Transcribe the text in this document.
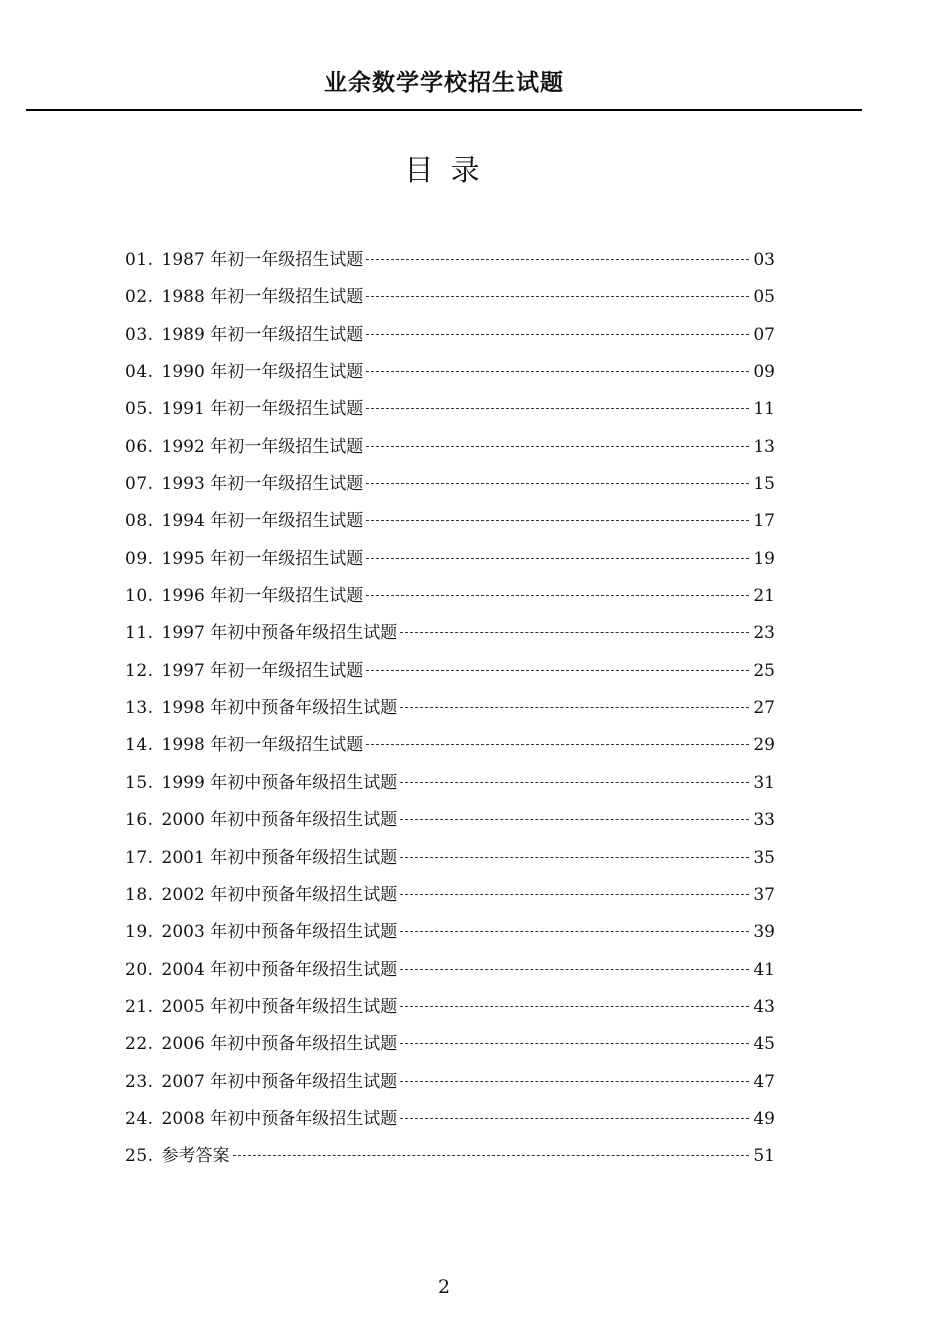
业余数学学校招生试题
目 录
01. 1987 年初一年级招生试题	03
02. 1988 年初一年级招生试题	05
03. 1989 年初一年级招生试题	07
04. 1990 年初一年级招生试题	09
05. 1991 年初一年级招生试题	11
06. 1992 年初一年级招生试题	13
07. 1993 年初一年级招生试题	15
08. 1994 年初一年级招生试题	17
09. 1995 年初一年级招生试题	19
10. 1996 年初一年级招生试题	21
11. 1997 年初中预备年级招生试题	23
12. 1997 年初一年级招生试题	25
13. 1998 年初中预备年级招生试题	27
14. 1998 年初一年级招生试题	29
15. 1999 年初中预备年级招生试题	31
16. 2000 年初中预备年级招生试题	33
17. 2001 年初中预备年级招生试题	35
18. 2002 年初中预备年级招生试题	37
19. 2003 年初中预备年级招生试题	39
20. 2004 年初中预备年级招生试题	41
21. 2005 年初中预备年级招生试题	43
22. 2006 年初中预备年级招生试题	45
23. 2007 年初中预备年级招生试题	47
24. 2008 年初中预备年级招生试题	49
25. 参考答案	51
2
